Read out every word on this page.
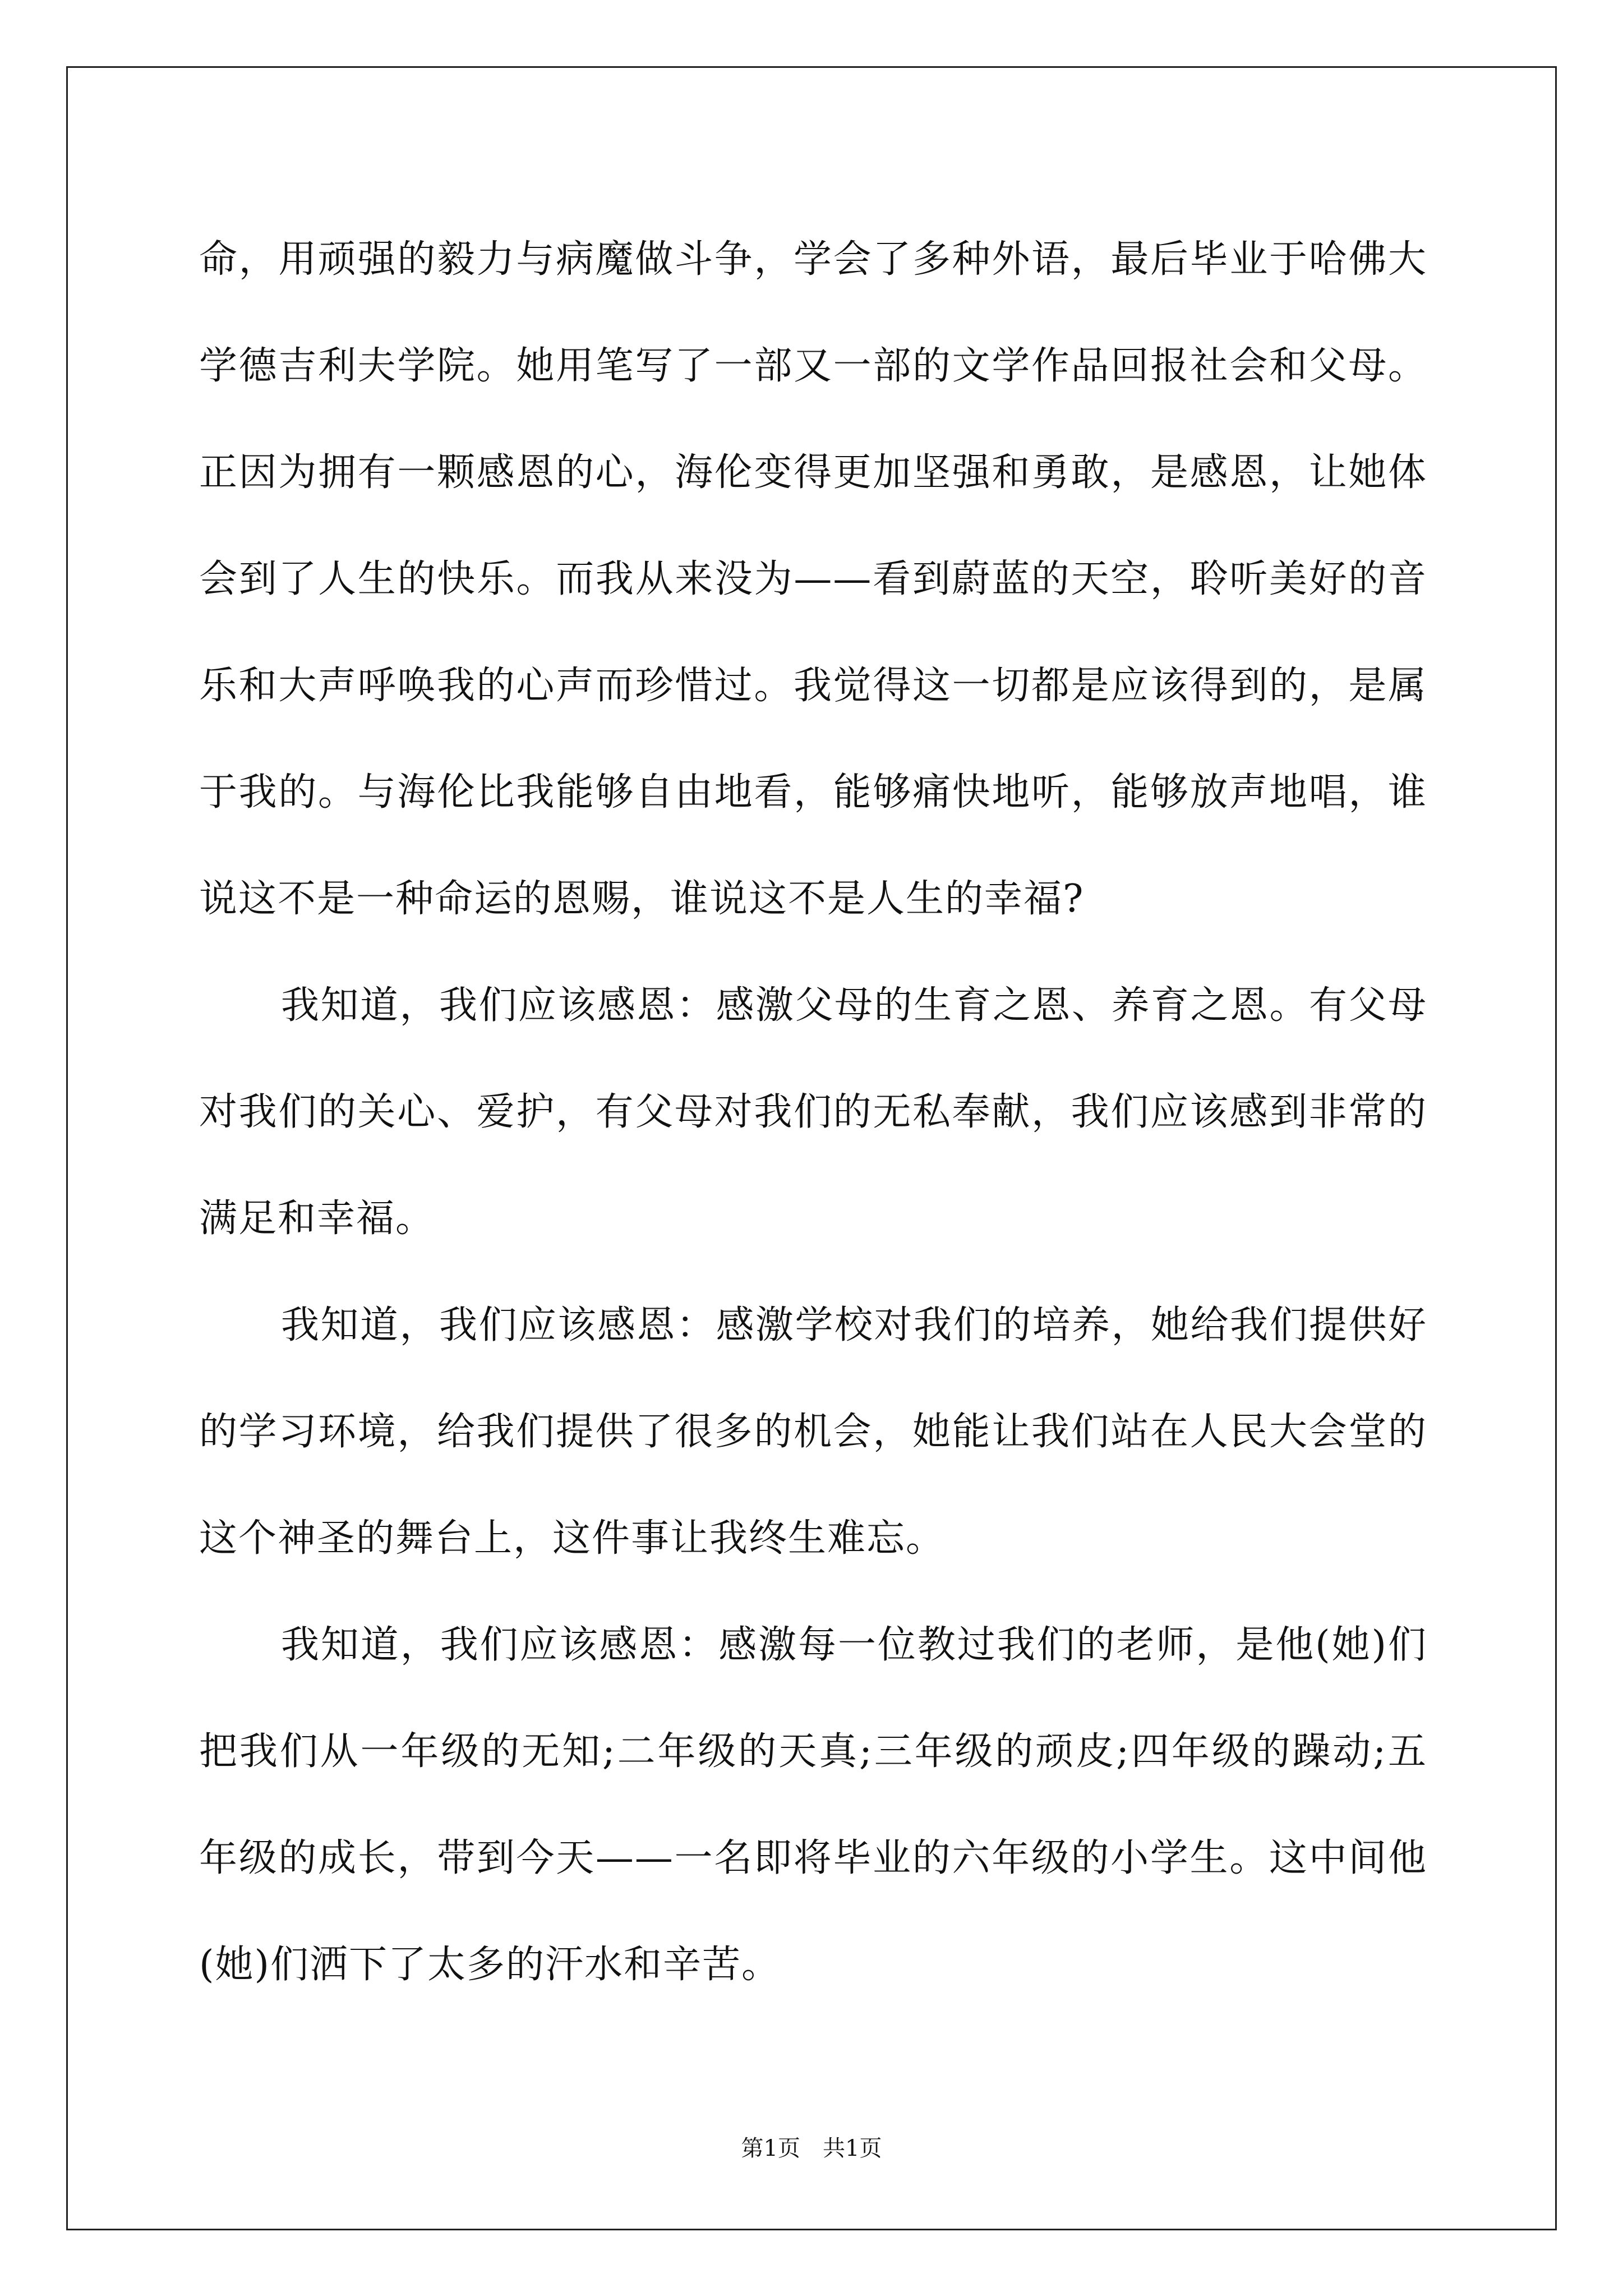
命，用顽强的毅力与病魔做斗争，学会了多种外语，最后毕业于哈佛大学德吉利夫学院。她用笔写了一部又一部的文学作品回报社会和父母。正因为拥有一颗感恩的心，海伦变得更加坚强和勇敢，是感恩，让她体会到了人生的快乐。而我从来没为——看到蔚蓝的天空，聆听美好的音乐和大声呼唤我的心声而珍惜过。我觉得这一切都是应该得到的，是属于我的。与海伦比我能够自由地看，能够痛快地听，能够放声地唱，谁说这不是一种命运的恩赐，谁说这不是人生的幸福?

我知道，我们应该感恩：感激父母的生育之恩、养育之恩。有父母对我们的关心、爱护，有父母对我们的无私奉献，我们应该感到非常的满足和幸福。

我知道，我们应该感恩：感激学校对我们的培养，她给我们提供好的学习环境，给我们提供了很多的机会，她能让我们站在人民大会堂的这个神圣的舞台上，这件事让我终生难忘。

我知道，我们应该感恩：感激每一位教过我们的老师，是他(她)们把我们从一年级的无知;二年级的天真;三年级的顽皮;四年级的躁动;五年级的成长，带到今天——一名即将毕业的六年级的小学生。这中间他(她)们洒下了太多的汗水和辛苦。

第1页 共1页
